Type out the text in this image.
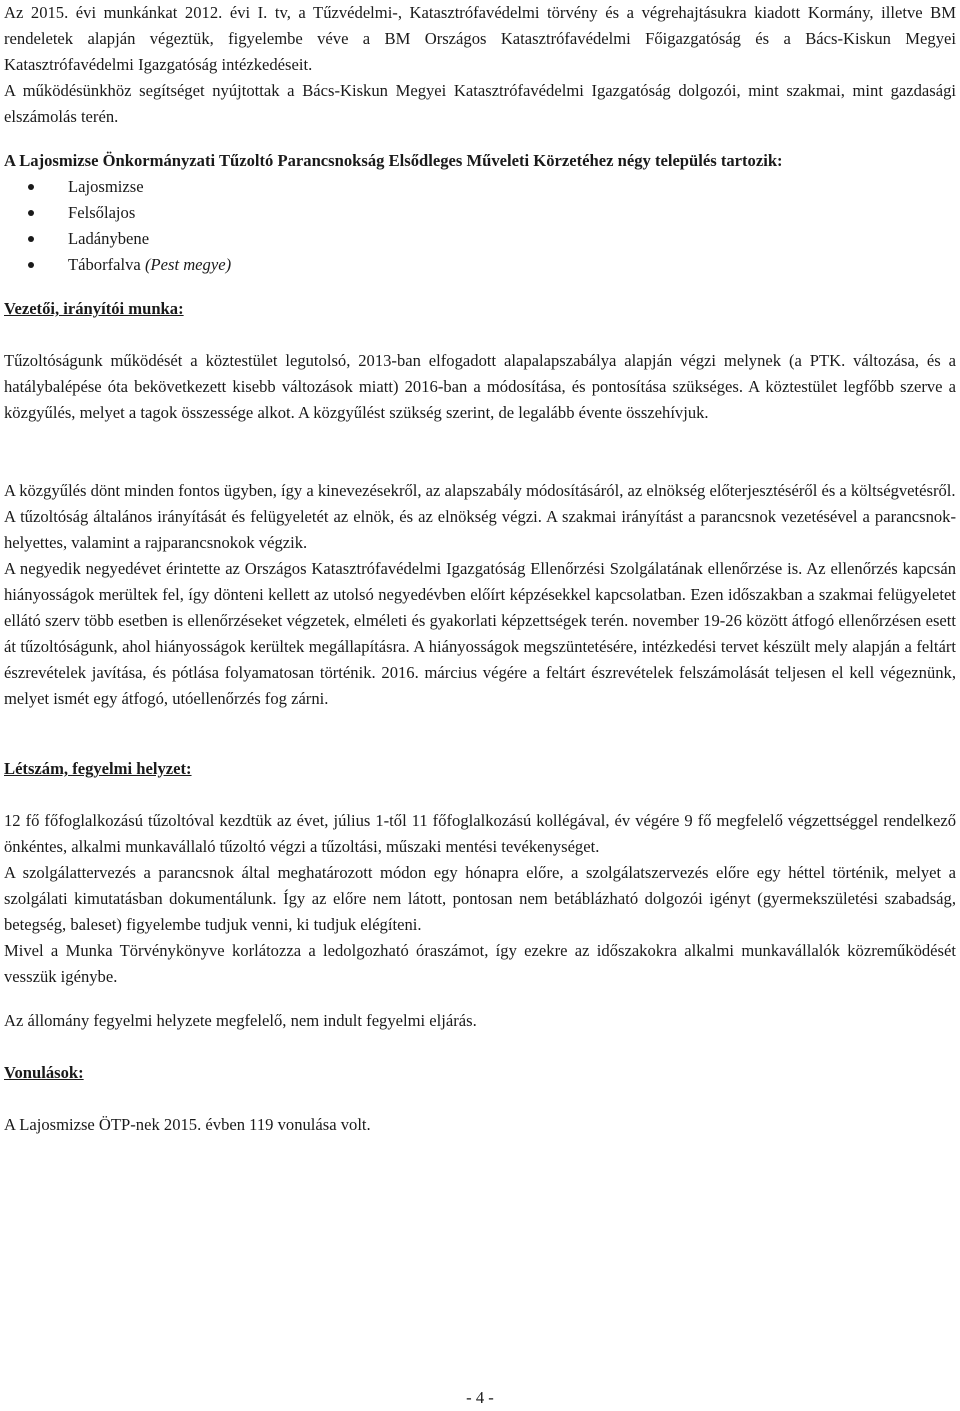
Az 2015. évi munkánkat 2012. évi I. tv, a Tűzvédelmi-, Katasztrófavédelmi törvény és a végrehajtásukra kiadott Kormány, illetve BM rendeletek alapján végeztük, figyelembe véve a BM Országos Katasztrófavédelmi Főigazgatóság és a Bács-Kiskun Megyei Katasztrófavédelmi Igazgatóság intézkedéseit.

A működésünkhöz segítséget nyújtottak a Bács-Kiskun Megyei Katasztrófavédelmi Igazgatóság dolgozói, mint szakmai, mint gazdasági elszámolás terén.

A Lajosmizse Önkormányzati Tűzoltó Parancsnokság Elsődleges Műveleti Körzetéhez négy település tartozik:

Lajosmizse
Felsőlajos
Ladánybene
Táborfalva (Pest megye)

Vezetői, irányítói munka:

Tűzoltóságunk működését a köztestület legutolsó, 2013-ban elfogadott alapalapszabálya alapján végzi melynek (a PTK. változása, és a hatálybalépése óta bekövetkezett kisebb változások miatt) 2016-ban a módosítása, és pontosítása szükséges. A köztestület legfőbb szerve a közgyűlés, melyet a tagok összessége alkot. A közgyűlést szükség szerint, de legalább évente összehívjuk.

A közgyűlés dönt minden fontos ügyben, így a kinevezésekről, az alapszabály módosításáról, az elnökség előterjesztéséről és a költségvetésről.

A tűzoltóság általános irányítását és felügyeletét az elnök, és az elnökség végzi. A szakmai irányítást a parancsnok vezetésével a parancsnok-helyettes, valamint a rajparancsnokok végzik.

A negyedik negyedévet érintette az Országos Katasztrófavédelmi Igazgatóság Ellenőrzési Szolgálatának ellenőrzése is. Az ellenőrzés kapcsán hiányosságok merültek fel, így dönteni kellett az utolsó negyedévben előírt képzésekkel kapcsolatban. Ezen időszakban a szakmai felügyeletet ellátó szerv több esetben is ellenőrzéseket végzetek, elméleti és gyakorlati képzettségek terén. november 19-26 között átfogó ellenőrzésen esett át tűzoltóságunk, ahol hiányosságok kerültek megállapításra. A hiányosságok megszüntetésére, intézkedési tervet készült mely alapján a feltárt észrevételek javítása, és pótlása folyamatosan történik. 2016. március végére a feltárt észrevételek felszámolását teljesen el kell végeznünk, melyet ismét egy átfogó, utóellenőrzés fog zárni.

Létszám, fegyelmi helyzet:

12 fő főfoglalkozású tűzoltóval kezdtük az évet, július 1-től 11 főfoglalkozású kollégával, év végére 9 fő megfelelő végzettséggel rendelkező önkéntes, alkalmi munkavállaló tűzoltó végzi a tűzoltási, műszaki mentési tevékenységet.

A szolgálattervezés a parancsnok által meghatározott módon egy hónapra előre, a szolgálatszervezés előre egy héttel történik, melyet a szolgálati kimutatásban dokumentálunk. Így az előre nem látott, pontosan nem betáblázható dolgozói igényt (gyermekszületési szabadság, betegség, baleset) figyelembe tudjuk venni, ki tudjuk elégíteni.

Mivel a Munka Törvénykönyve korlátozza a ledolgozható óraszámot, így ezekre az időszakokra alkalmi munkavállalók közreműködését vesszük igénybe.

Az állomány fegyelmi helyzete megfelelő, nem indult fegyelmi eljárás.

Vonulások:

A Lajosmizse ÖTP-nek 2015. évben 119 vonulása volt.

- 4 -
